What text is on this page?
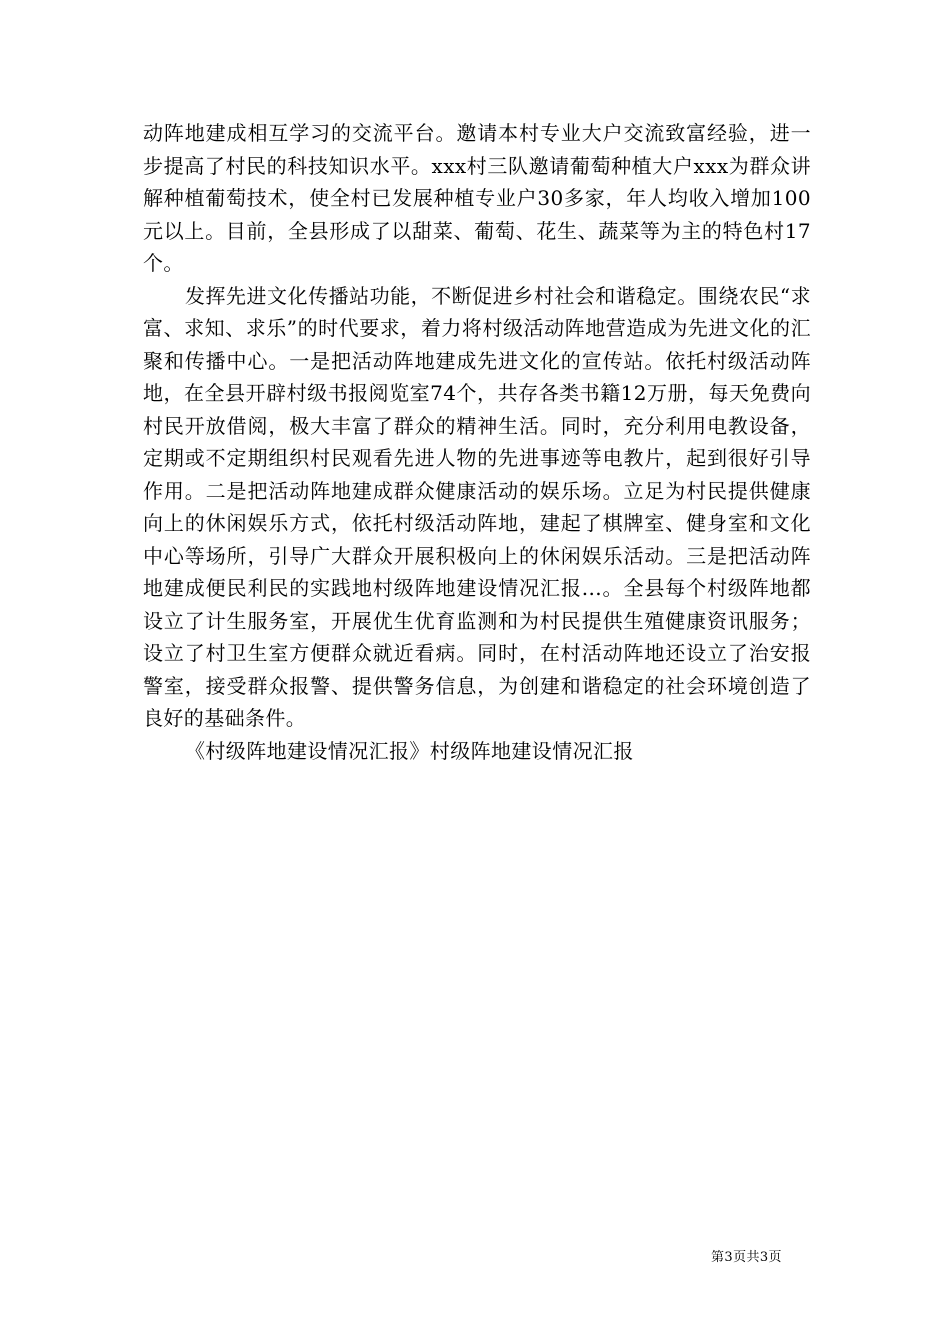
动阵地建成相互学习的交流平台。邀请本村专业大户交流致富经验，进一步提高了村民的科技知识水平。xxx村三队邀请葡萄种植大户xxx为群众讲解种植葡萄技术，使全村已发展种植专业户30多家，年人均收入增加100元以上。目前，全县形成了以甜菜、葡萄、花生、蔬菜等为主的特色村17个。

发挥先进文化传播站功能，不断促进乡村社会和谐稳定。围绕农民“求富、求知、求乐”的时代要求，着力将村级活动阵地营造成为先进文化的汇聚和传播中心。一是把活动阵地建成先进文化的宣传站。依托村级活动阵地，在全县开辟村级书报阅览室74个，共存各类书籍12万册，每天免费向村民开放借阅，极大丰富了群众的精神生活。同时，充分利用电教设备，定期或不定期组织村民观看先进人物的先进事迹等电教片，起到很好引导作用。二是把活动阵地建成群众健康活动的娱乐场。立足为村民提供健康向上的休闲娱乐方式，依托村级活动阵地，建起了棋牌室、健身室和文化中心等场所，引导广大群众开展积极向上的休闲娱乐活动。三是把活动阵地建成便民利民的实践地村级阵地建设情况汇报...。全县每个村级阵地都设立了计生服务室，开展优生优育监测和为村民提供生殖健康资讯服务；设立了村卫生室方便群众就近看病。同时，在村活动阵地还设立了治安报警室，接受群众报警、提供警务信息，为创建和谐稳定的社会环境创造了良好的基础条件。

《村级阵地建设情况汇报》村级阵地建设情况汇报

第3页共3页
